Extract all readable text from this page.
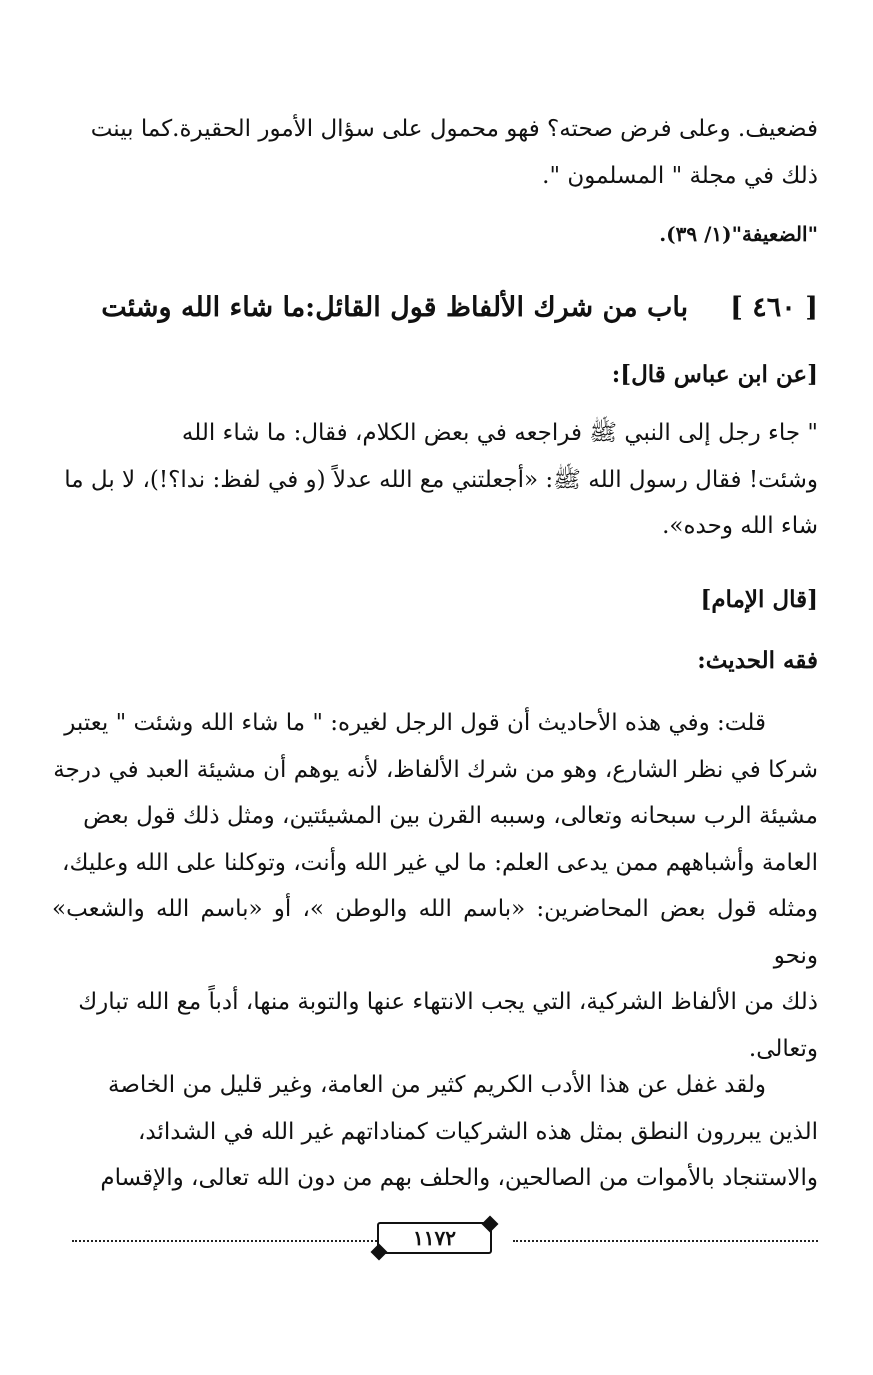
فضعيف. وعلى فرض صحته؟ فهو محمول على سؤال الأمور الحقيرة.كما بينت
ذلك في مجلة " المسلمون ".
"الضعيفة"(١/ ٣٩).
[ ٤٦٠ ]باب من شرك الألفاظ قول القائل:ما شاء الله وشئت
[عن ابن عباس قال]:
" جاء رجل إلى النبي ﷺ فراجعه في بعض الكلام، فقال: ما شاء الله
وشئت! فقال رسول الله ﷺ: «أجعلتني مع الله عدلاً (و في لفظ: ندا؟!)، لا بل ما
شاء الله وحده».
[قال الإمام]
فقه الحديث:
قلت: وفي هذه الأحاديث أن قول الرجل لغيره: " ما شاء الله وشئت " يعتبر
شركا في نظر الشارع، وهو من شرك الألفاظ، لأنه يوهم أن مشيئة العبد في درجة
مشيئة الرب سبحانه وتعالى، وسببه القرن بين المشيئتين، ومثل ذلك قول بعض
العامة وأشباههم ممن يدعى العلم: ما لي غير الله وأنت، وتوكلنا على الله وعليك،
ومثله قول بعض المحاضرين: «باسم الله والوطن »، أو «باسم الله والشعب» ونحو
ذلك من الألفاظ الشركية، التي يجب الانتهاء عنها والتوبة منها، أدباً مع الله تبارك
وتعالى.
ولقد غفل عن هذا الأدب الكريم كثير من العامة، وغير قليل من الخاصة
الذين يبررون النطق بمثل هذه الشركيات كمناداتهم غير الله في الشدائد،
والاستنجاد بالأموات من الصالحين، والحلف بهم من دون الله تعالى، والإقسام
١١٧٢
